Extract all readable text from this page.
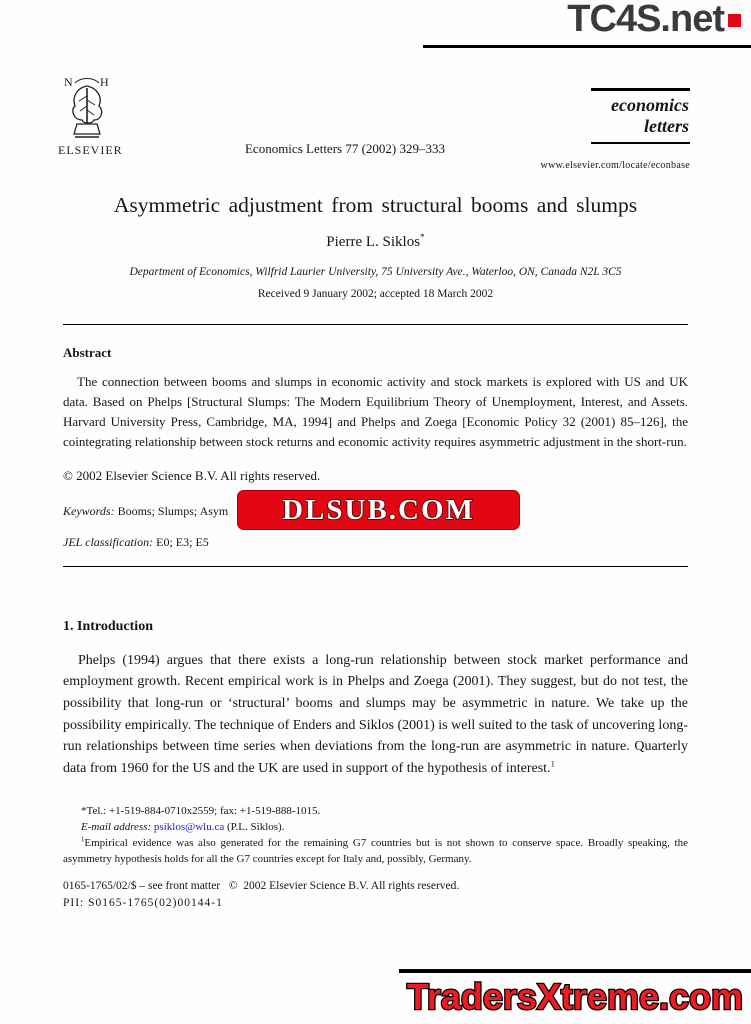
TC4S.net
N H
ELSEVIER	Economics Letters 77 (2002) 329–333
economics
letters
www.elsevier.com/locate/econbase
Asymmetric adjustment from structural booms and slumps
Pierre L. Siklos*
Department of Economics, Wilfrid Laurier University, 75 University Ave., Waterloo, ON, Canada N2L 3C5
Received 9 January 2002; accepted 18 March 2002
Abstract

The connection between booms and slumps in economic activity and stock markets is explored with US and UK data. Based on Phelps [Structural Slumps: The Modern Equilibrium Theory of Unemployment, Interest, and Assets. Harvard University Press, Cambridge, MA, 1994] and Phelps and Zoega [Economic Policy 32 (2001) 85–126], the cointegrating relationship between stock returns and economic activity requires asymmetric adjustment in the short-run.

© 2002 Elsevier Science B.V. All rights reserved.
Keywords: Booms; Slumps; Asym
JEL classification: E0; E3; E5
1. Introduction

Phelps (1994) argues that there exists a long-run relationship between stock market performance and employment growth. Recent empirical work is in Phelps and Zoega (2001). They suggest, but do not test, the possibility that long-run or ‘structural’ booms and slumps may be asymmetric in nature. We take up the possibility empirically. The technique of Enders and Siklos (2001) is well suited to the task of uncovering long-run relationships between time series when deviations from the long-run are asymmetric in nature. Quarterly data from 1960 for the US and the UK are used in support of the hypothesis of interest.$^1$

*Tel.: +1-519-884-0710x2559; fax: +1-519-888-1015.
E-mail address: psiklos@wlu.ca (P.L. Siklos).
$^1$Empirical evidence was also generated for the remaining G7 countries but is not shown to conserve space. Broadly speaking, the asymmetry hypothesis holds for all the G7 countries except for Italy and, possibly, Germany.
0165-1765/02/$ – see front matter   ©  2002 Elsevier Science B.V. All rights reserved.
PII: S0165-1765(02)00144-1
DLSUB.COM
TradersXtreme.com
